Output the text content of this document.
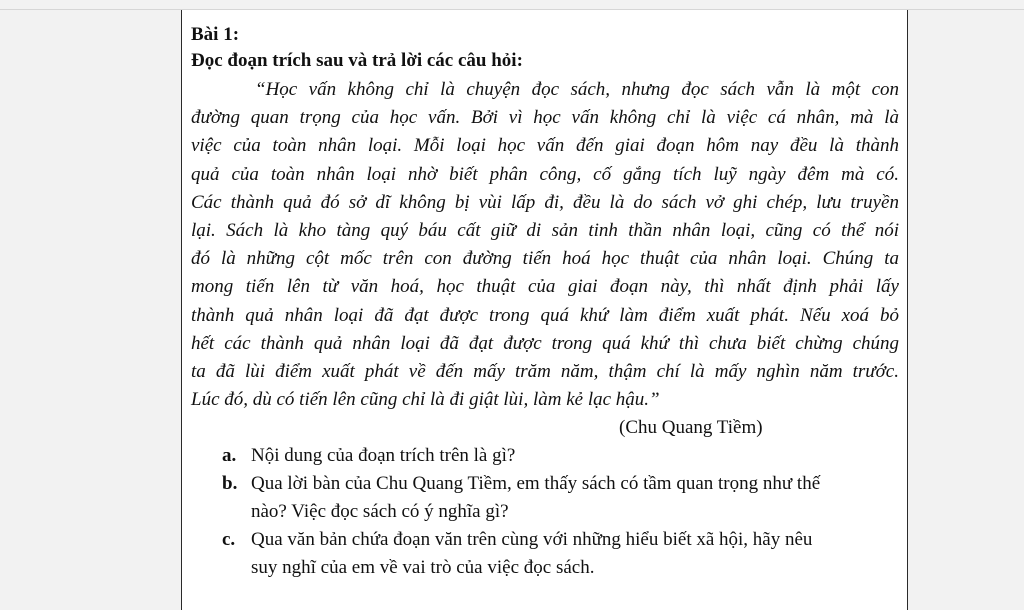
Bài 1:

Đọc đoạn trích sau và trả lời các câu hỏi:

“Học vấn không chỉ là chuyện đọc sách, nhưng đọc sách vẫn là một con
đường quan trọng của học vấn. Bởi vì học vấn không chỉ là việc cá nhân, mà là
việc của toàn nhân loại. Mỗi loại học vấn đến giai đoạn hôm nay đều là thành
quả của toàn nhân loại nhờ biết phân công, cố gắng tích luỹ ngày đêm mà có.
Các thành quả đó sở dĩ không bị vùi lấp đi, đều là do sách vở ghi chép, lưu truyền
lại. Sách là kho tàng quý báu cất giữ di sản tinh thần nhân loại, cũng có thể nói
đó là những cột mốc trên con đường tiến hoá học thuật của nhân loại. Chúng ta
mong tiến lên từ văn hoá, học thuật của giai đoạn này, thì nhất định phải lấy
thành quả nhân loại đã đạt được trong quá khứ làm điểm xuất phát. Nếu xoá bỏ
hết các thành quả nhân loại đã đạt được trong quá khứ thì chưa biết chừng chúng
ta đã lùi điểm xuất phát về đến mấy trăm năm, thậm chí là mấy nghìn năm trước.
Lúc đó, dù có tiến lên cũng chỉ là đi giật lùi, làm kẻ lạc hậu.”

(Chu Quang Tiềm)

a. Nội dung của đoạn trích trên là gì?
b. Qua lời bàn của Chu Quang Tiềm, em thấy sách có tầm quan trọng như thế
nào? Việc đọc sách có ý nghĩa gì?
c. Qua văn bản chứa đoạn văn trên cùng với những hiểu biết xã hội, hãy nêu
suy nghĩ của em về vai trò của việc đọc sách.
